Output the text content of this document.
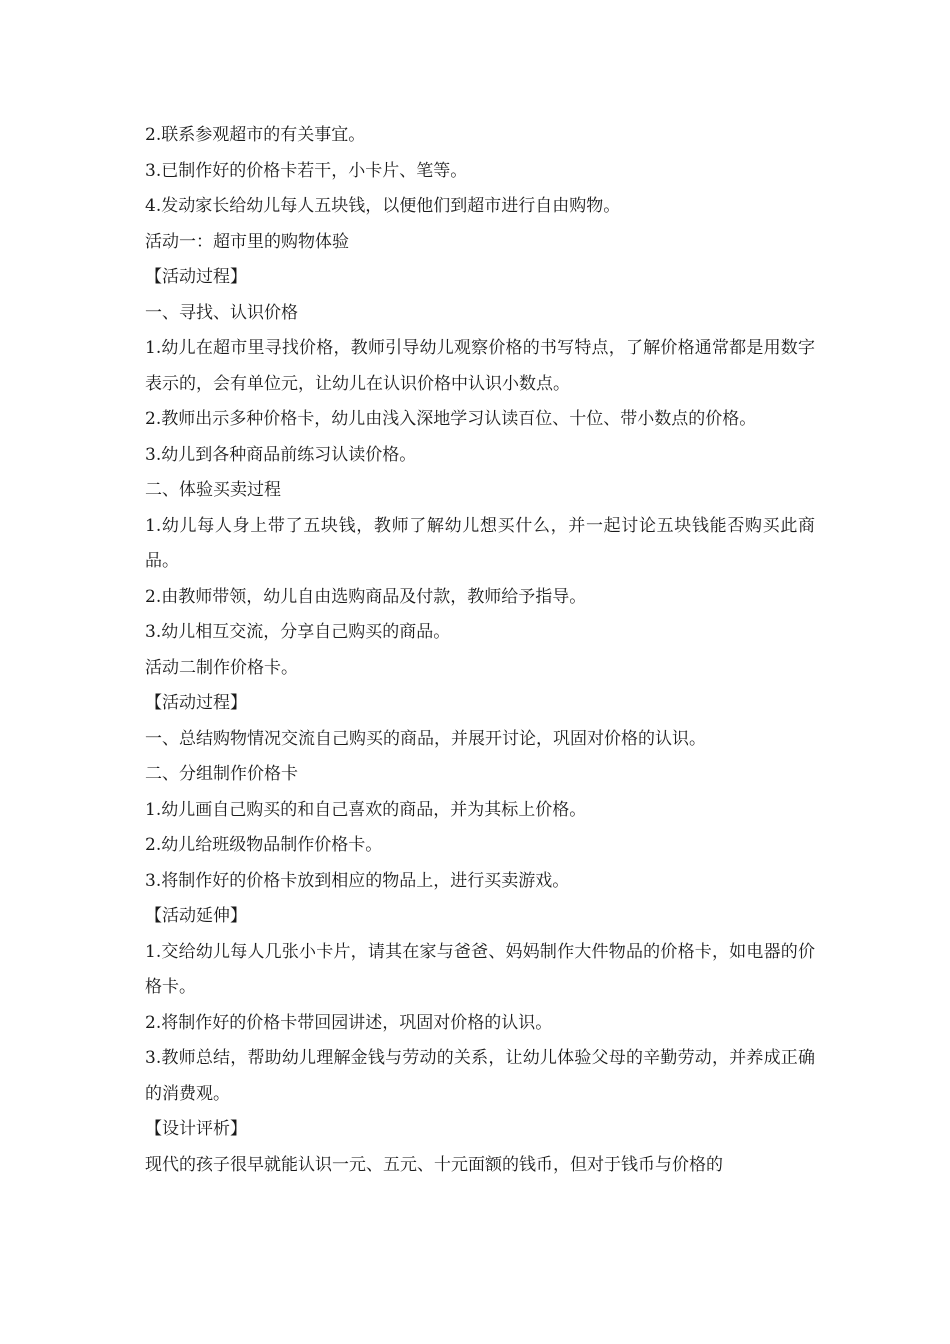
2.联系参观超市的有关事宜。

3.已制作好的价格卡若干，小卡片、笔等。

4.发动家长给幼儿每人五块钱，以便他们到超市进行自由购物。

活动一：超市里的购物体验

【活动过程】

一、寻找、认识价格

1.幼儿在超市里寻找价格，教师引导幼儿观察价格的书写特点，了解价格通常都是用数字表示的，会有单位元，让幼儿在认识价格中认识小数点。

2.教师出示多种价格卡，幼儿由浅入深地学习认读百位、十位、带小数点的价格。

3.幼儿到各种商品前练习认读价格。

二、体验买卖过程

1.幼儿每人身上带了五块钱，教师了解幼儿想买什么，并一起讨论五块钱能否购买此商品。

2.由教师带领，幼儿自由选购商品及付款，教师给予指导。

3.幼儿相互交流，分享自己购买的商品。

活动二制作价格卡。

【活动过程】

一、总结购物情况交流自己购买的商品，并展开讨论，巩固对价格的认识。

二、分组制作价格卡

1.幼儿画自己购买的和自己喜欢的商品，并为其标上价格。

2.幼儿给班级物品制作价格卡。

3.将制作好的价格卡放到相应的物品上，进行买卖游戏。

【活动延伸】

1.交给幼儿每人几张小卡片，请其在家与爸爸、妈妈制作大件物品的价格卡，如电器的价格卡。

2.将制作好的价格卡带回园讲述，巩固对价格的认识。

3.教师总结，帮助幼儿理解金钱与劳动的关系，让幼儿体验父母的辛勤劳动，并养成正确的消费观。

【设计评析】

现代的孩子很早就能认识一元、五元、十元面额的钱币，但对于钱币与价格的
